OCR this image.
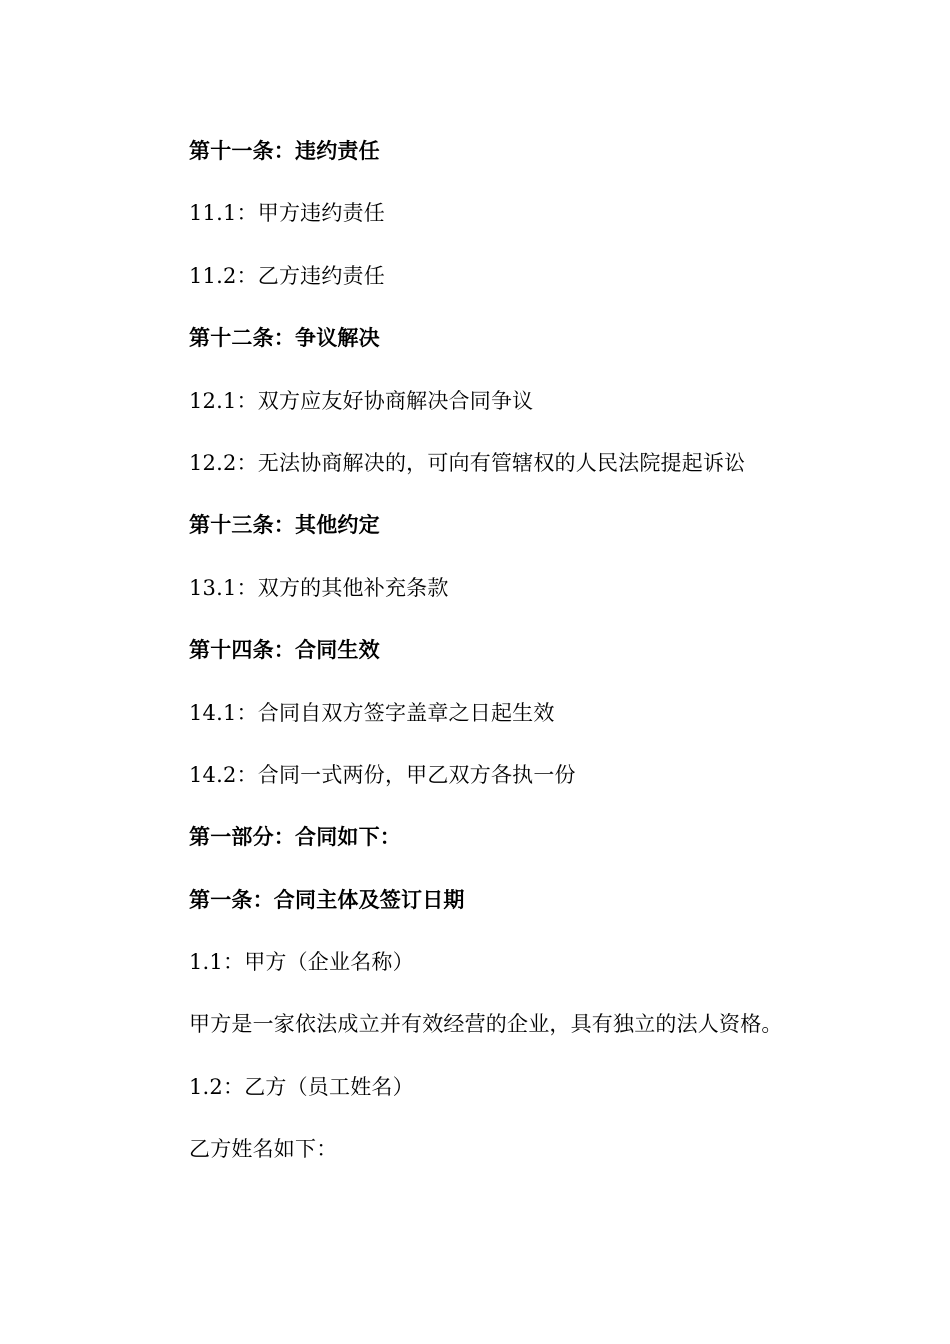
第十一条：违约责任
11.1：甲方违约责任
11.2：乙方违约责任
第十二条：争议解决
12.1：双方应友好协商解决合同争议
12.2：无法协商解决的，可向有管辖权的人民法院提起诉讼
第十三条：其他约定
13.1：双方的其他补充条款
第十四条：合同生效
14.1：合同自双方签字盖章之日起生效
14.2：合同一式两份，甲乙双方各执一份
第一部分：合同如下：
第一条：合同主体及签订日期
1.1：甲方（企业名称）
甲方是一家依法成立并有效经营的企业，具有独立的法人资格。
1.2：乙方（员工姓名）
乙方姓名如下：
